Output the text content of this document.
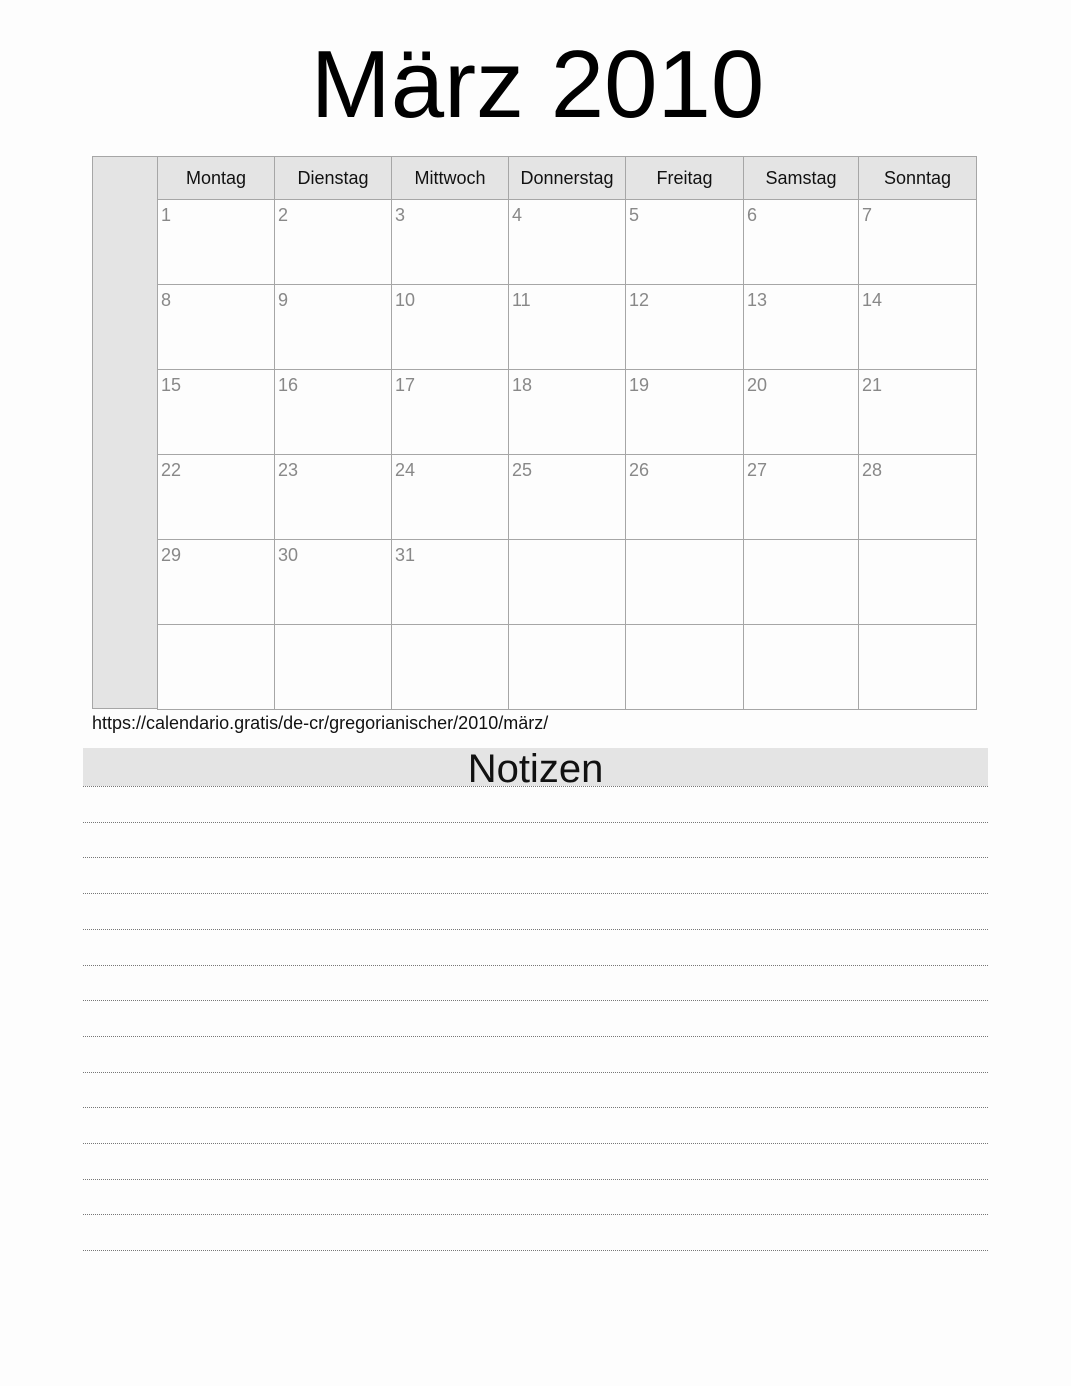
März 2010
Montag	Dienstag	Mittwoch	Donnerstag	Freitag	Samstag	Sonntag

1	2	3	4	5	6	7

8	9	10	11	12	13	14

15	16	17	18	19	20	21

22	23	24	25	26	27	28

29	30	31				

https://calendario.gratis/de-cr/gregorianischer/2010/märz/
Notizen
